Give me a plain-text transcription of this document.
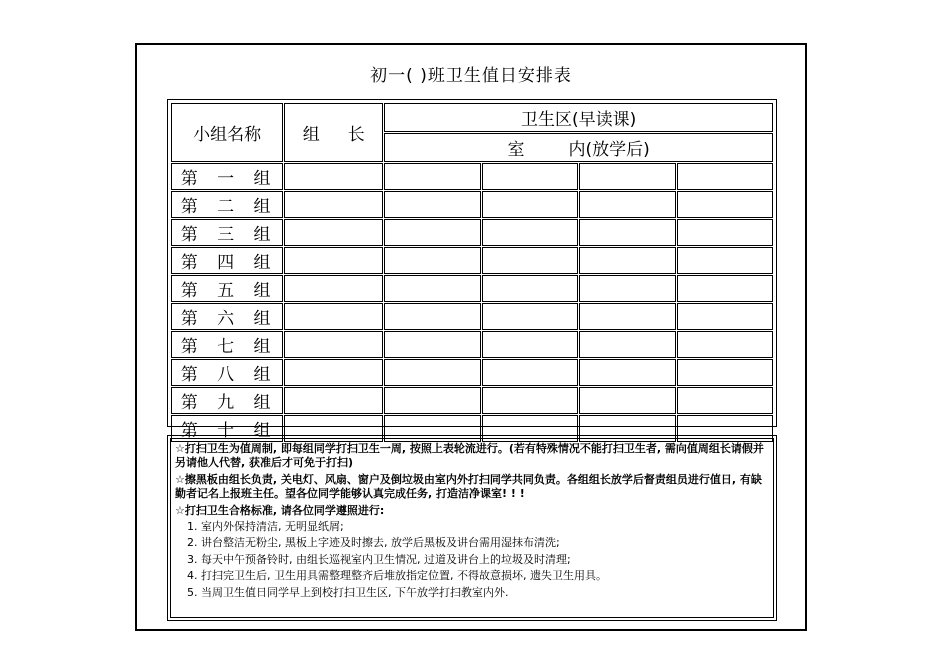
初一( )班卫生值日安排表
小组名称	组 长	卫生区(早读课)			
		室 内(放学后)			
第 一 组					
第 二 组					
第 三 组					
第 四 组					
第 五 组					
第 六 组					
第 七 组					
第 八 组					
第 九 组					
第 十 组					

☆打扫卫生为值周制, 即每组同学打扫卫生一周, 按照上表轮流进行。(若有特殊情况不能打扫卫生者, 需向值周组长请假并另请他人代替, 获准后才可免于打扫)

☆擦黑板由组长负责, 关电灯、风扇、窗户及倒垃圾由室内外打扫同学共同负责。各组组长放学后督责组员进行值日, 有缺勤者记名上报班主任。望各位同学能够认真完成任务, 打造洁净课室! ! !

☆打扫卫生合格标准, 请各位同学遵照进行:

1. 室内外保持清洁, 无明显纸屑;

2. 讲台整洁无粉尘, 黑板上字迹及时擦去, 放学后黑板及讲台需用湿抹布清洗;

3. 每天中午预备铃时, 由组长巡视室内卫生情况, 过道及讲台上的垃圾及时清理;

4. 打扫完卫生后, 卫生用具需整理整齐后堆放指定位置, 不得故意损坏, 遗失卫生用具。

5. 当周卫生值日同学早上到校打扫卫生区, 下午放学打扫教室内外.
